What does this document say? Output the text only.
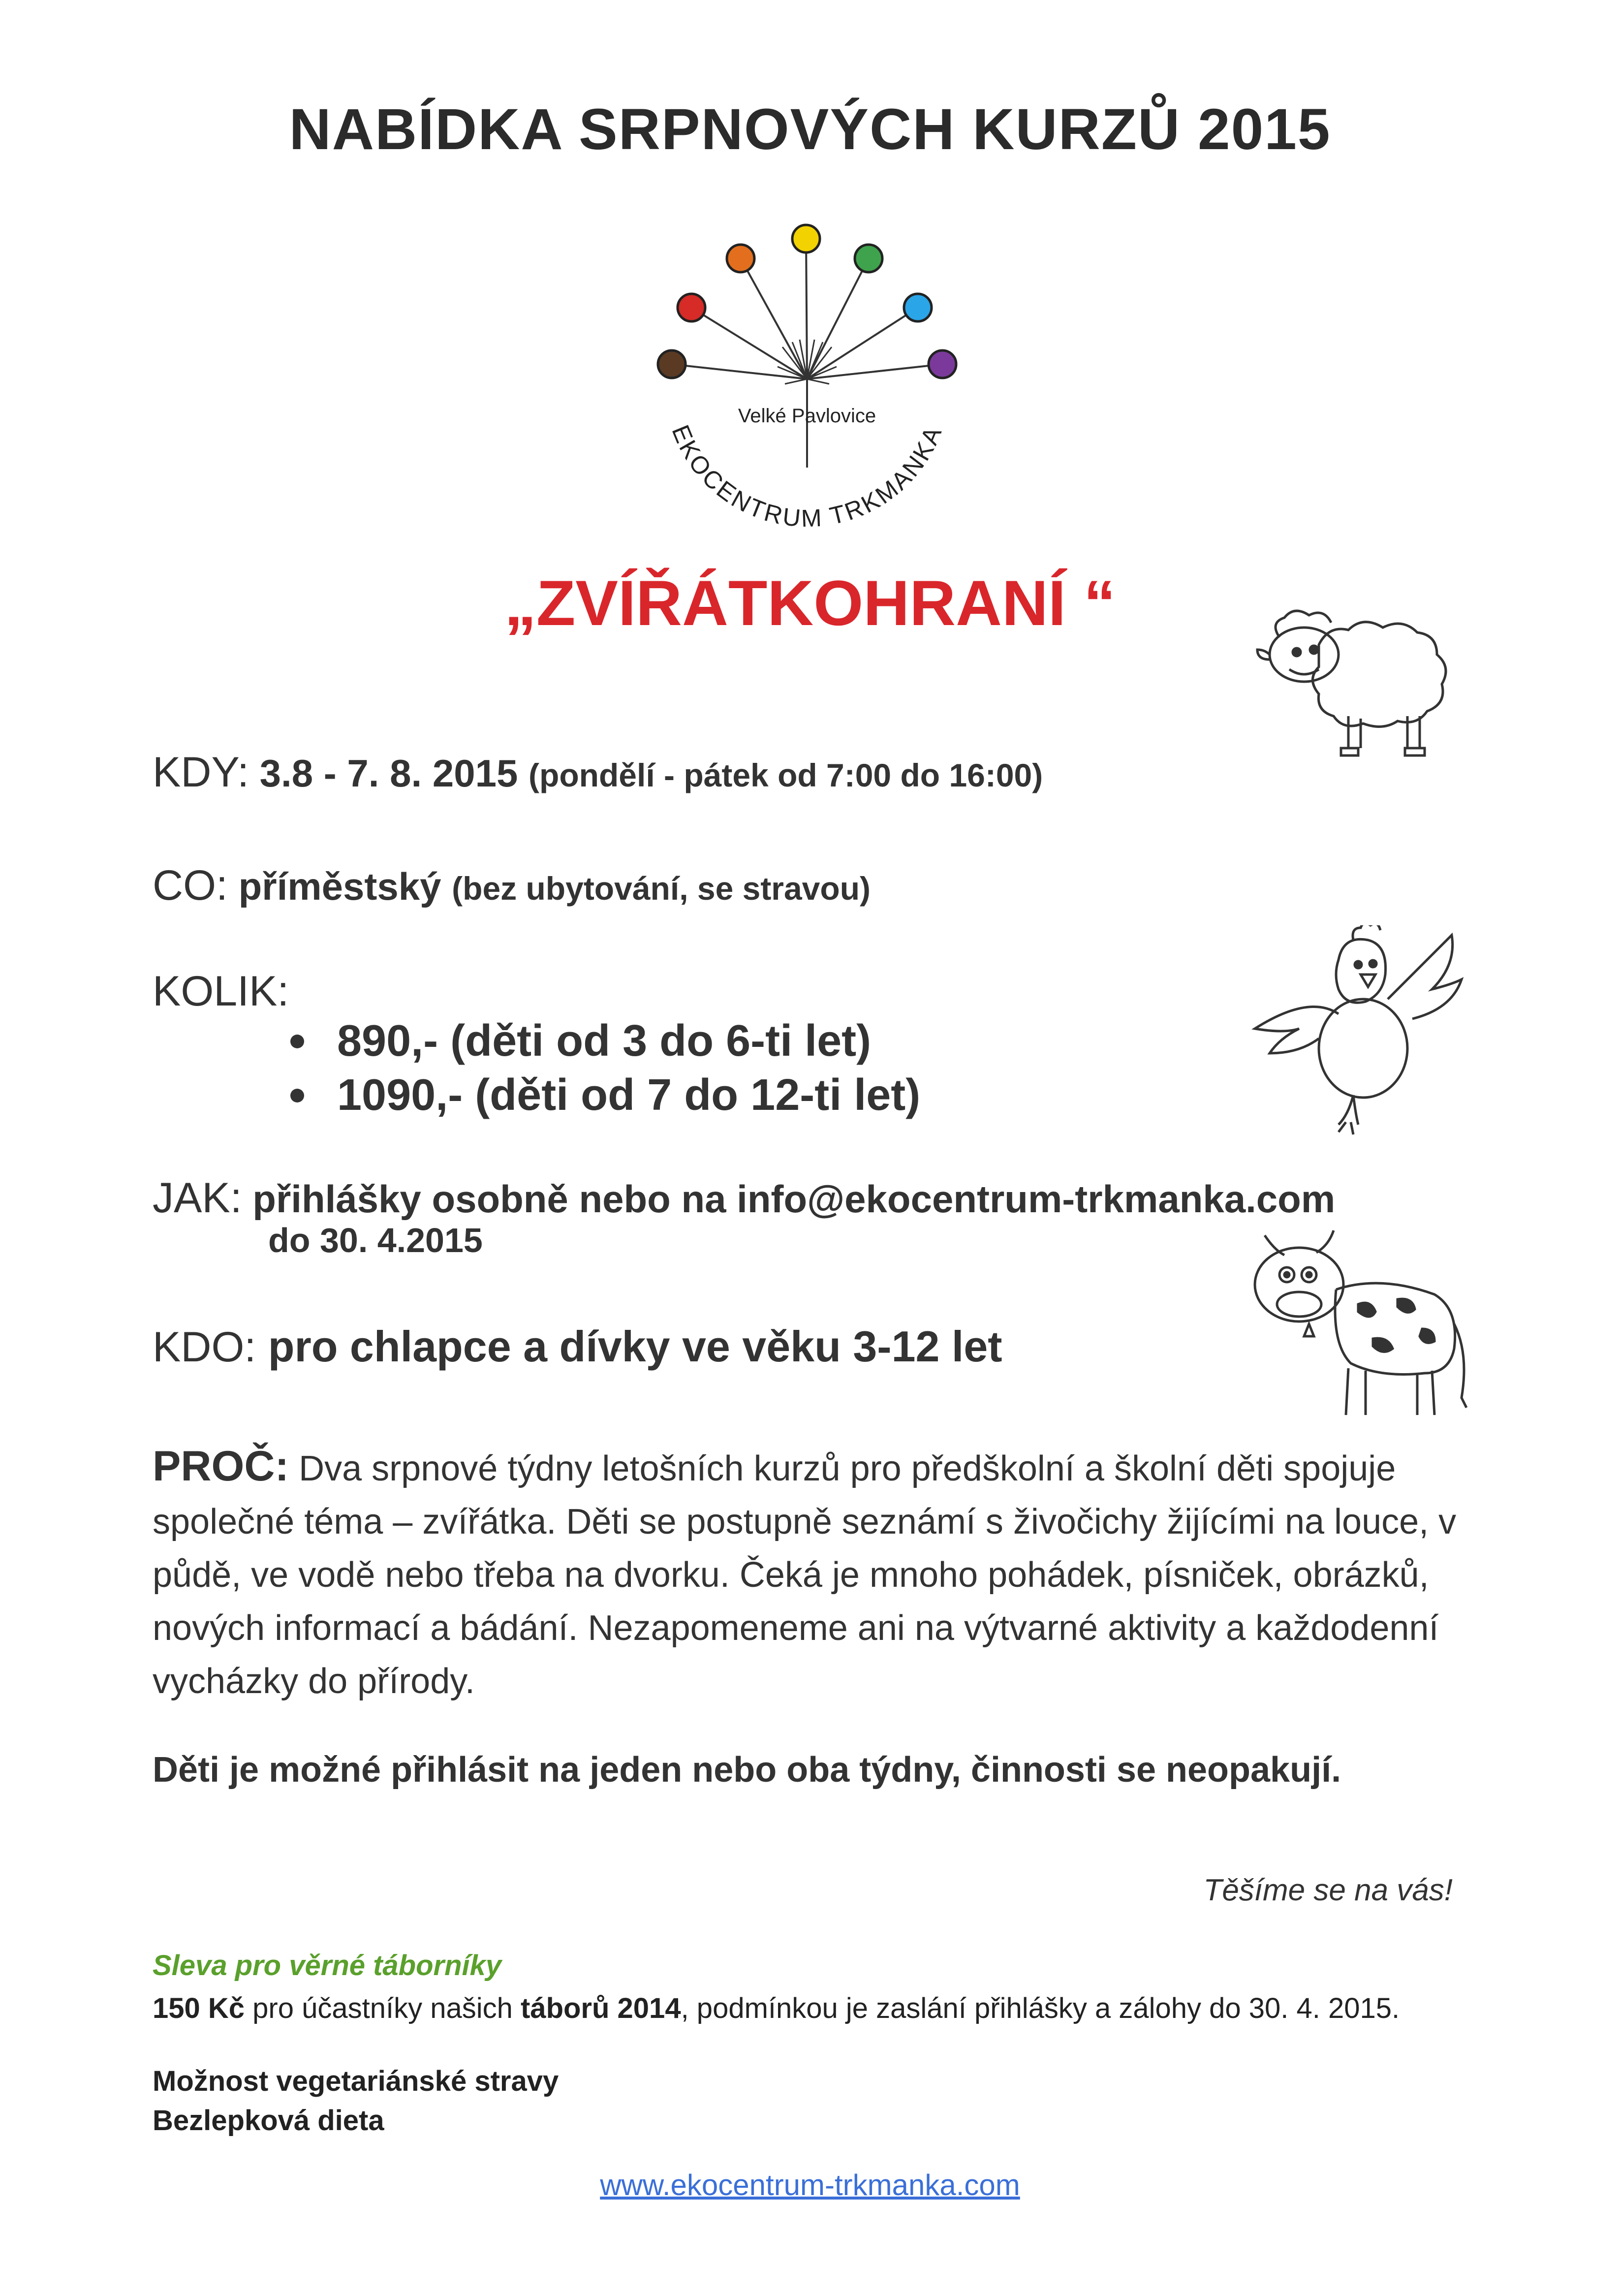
NABÍDKA SRPNOVÝCH KURZŮ 2015
Velké Pavlovice
EKOCENTRUM TRKMANKA
„ZVÍŘÁTKOHRANÍ “
KDY: 3.8 - 7. 8. 2015 (pondělí - pátek od 7:00 do 16:00)
CO: příměstský (bez ubytování, se stravou)
KOLIK:
890,- (děti od 3 do 6-ti let)
1090,- (děti od 7 do 12-ti let)
JAK: přihlášky osobně nebo na info@ekocentrum-trkmanka.com
do 30. 4.2015
KDO: pro chlapce a dívky ve věku 3-12 let
PROČ: Dva srpnové týdny letošních kurzů pro předškolní a školní děti spojuje společné téma – zvířátka. Děti se postupně seznámí s živočichy žijícími na louce, v půdě, ve vodě nebo třeba na dvorku. Čeká je mnoho pohádek, písniček, obrázků, nových informací a bádání. Nezapomeneme ani na výtvarné aktivity a každodenní vycházky do přírody.
Děti je možné přihlásit na jeden nebo oba týdny, činnosti se neopakují.
Těšíme se na vás!
Sleva pro věrné táborníky
150 Kč pro účastníky našich táborů 2014, podmínkou je zaslání přihlášky a zálohy do 30. 4. 2015.
Možnost vegetariánské stravy
Bezlepková dieta
www.ekocentrum-trkmanka.com
